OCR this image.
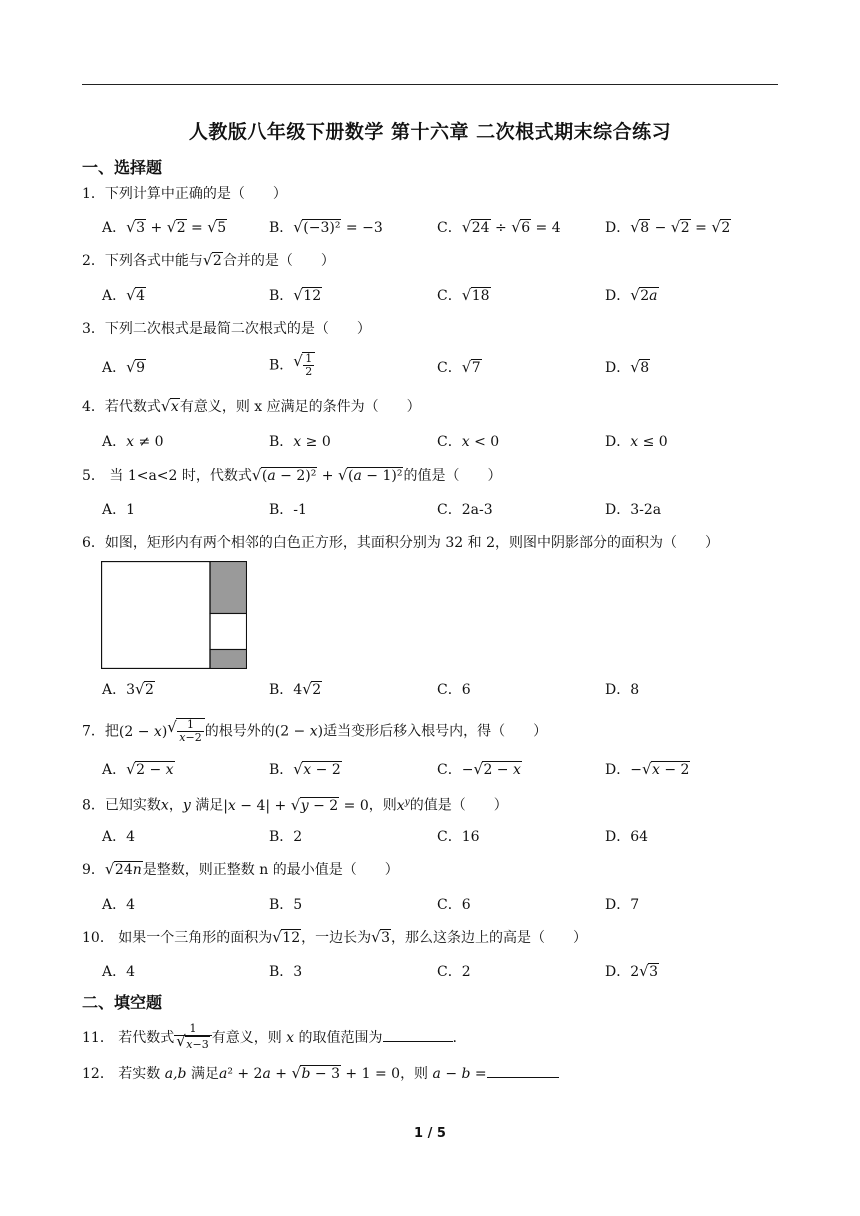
人教版八年级下册数学 第十六章 二次根式期末综合练习
一、选择题
1．下列计算中正确的是（　　）
A． √ 3 + √ 2 = √ 5	B． √ (−3)² = −3	C． √ 24 ÷ √ 6 = 4	D． √ 8 − √ 2 = √ 2
2．下列各式中能与 √ 2合并的是（　　）
A． √ 4	B． √ 12	C． √ 18	D． √ 2a
3．下列二次根式是最简二次根式的是（　　）
A． √ 9	B． √ $\frac{1}{2}$	C． √ 7	D． √ 8
4．若代数式 √ x有意义，则 x 应满足的条件为（　　）
A．x ≠ 0	B．x ≥ 0	C．x < 0	D．x ≤ 0
5． 当 1<a<2 时，代数式 √ (a − 2)² + √ (a − 1)²的值是（　　）
A．1	B．-1	C．2a-3	D．3-2a
6．如图，矩形内有两个相邻的白色正方形，其面积分别为 32 和 2，则图中阴影部分的面积为（　　）
A．3 √ 2	B．4 √ 2	C．6	D．8
7．把(2 − x) √ $\frac{1}{x-2}$ 的根号外的(2 − x)适当变形后移入根号内，得（　　）
A． √ 2 − x	B． √ x − 2	C．− √ 2 − x	D．− √ x − 2
8．已知实数x，y 满足|x − 4| + √ y − 2 = 0，则$x^y$的值是（　　）
A．4	B．2	C．16	D．64
9． √ 24n是整数，则正整数 n 的最小值是（　　）
A．4	B．5	C．6	D．7
10． 如果一个三角形的面积为 √ 12，一边长为 √ 3，那么这条边上的高是（　　）
A．4	B．3	C．2	D．2 √ 3
二、填空题
11． 若代数式 1
√ x−3 有意义，则 x 的取值范围为	.
12． 若实数 a,b 满足a² + 2a + √ b − 3 + 1 = 0，则 a − b =
1 / 5
